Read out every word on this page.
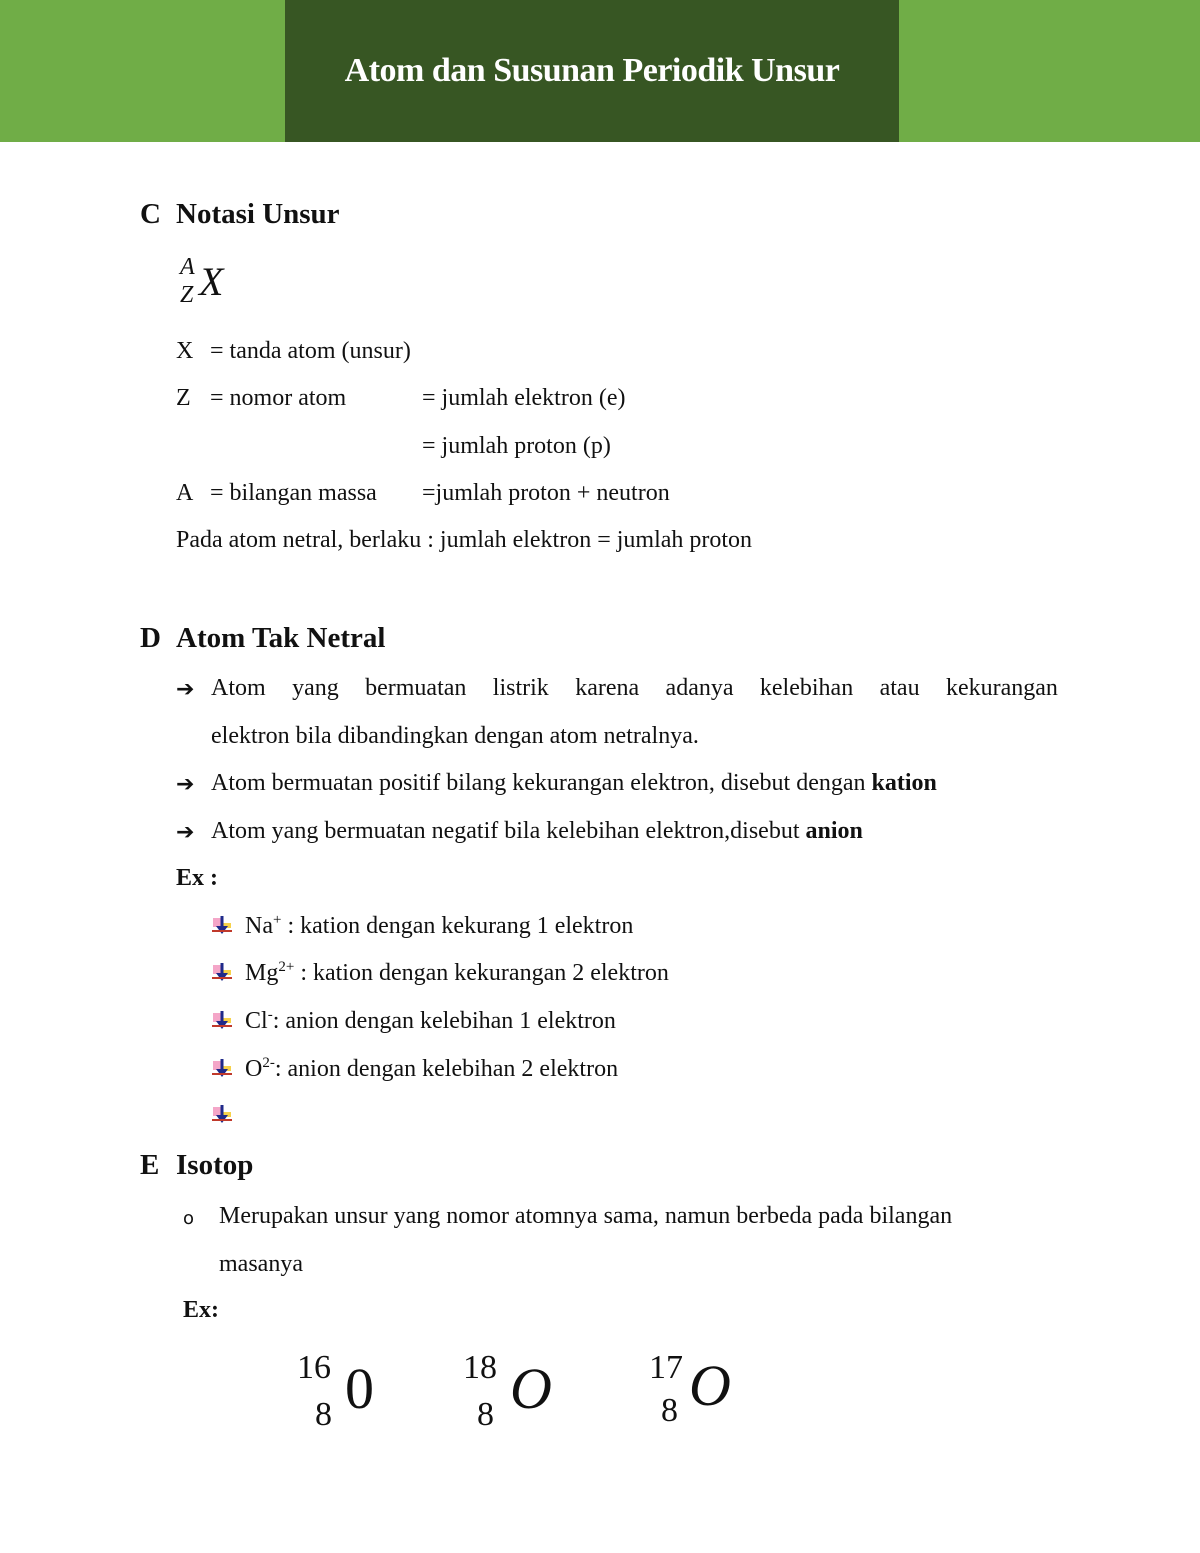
Atom dan Susunan Periodik Unsur
C Notasi Unsur
A
Z X
X = tanda atom (unsur)
Z = nomor atom	= jumlah elektron (e)
= jumlah proton (p)
A = bilangan massa =jumlah proton + neutron
Pada atom netral, berlaku : jumlah elektron = jumlah proton
D Atom Tak Netral
➔ Atom yang bermuatan listrik karena adanya kelebihan atau kekurangan
elektron bila dibandingkan dengan atom netralnya.
➔ Atom bermuatan positif bilang kekurangan elektron, disebut dengan kation
➔ Atom yang bermuatan negatif bila kelebihan elektron,disebut anion
Ex :
Na+ : kation dengan kekurang 1 elektron
$Mg^{2+}$ : kation dengan kekurangan 2 elektron
Cl-: anion dengan kelebihan 1 elektron
$O^{2-}$: anion dengan kelebihan 2 elektron
E Isotop
o Merupakan unsur yang nomor atomnya sama, namun berbeda pada bilangan
masanya
Ex:
16
8 0	18
8 O	17
8 O
